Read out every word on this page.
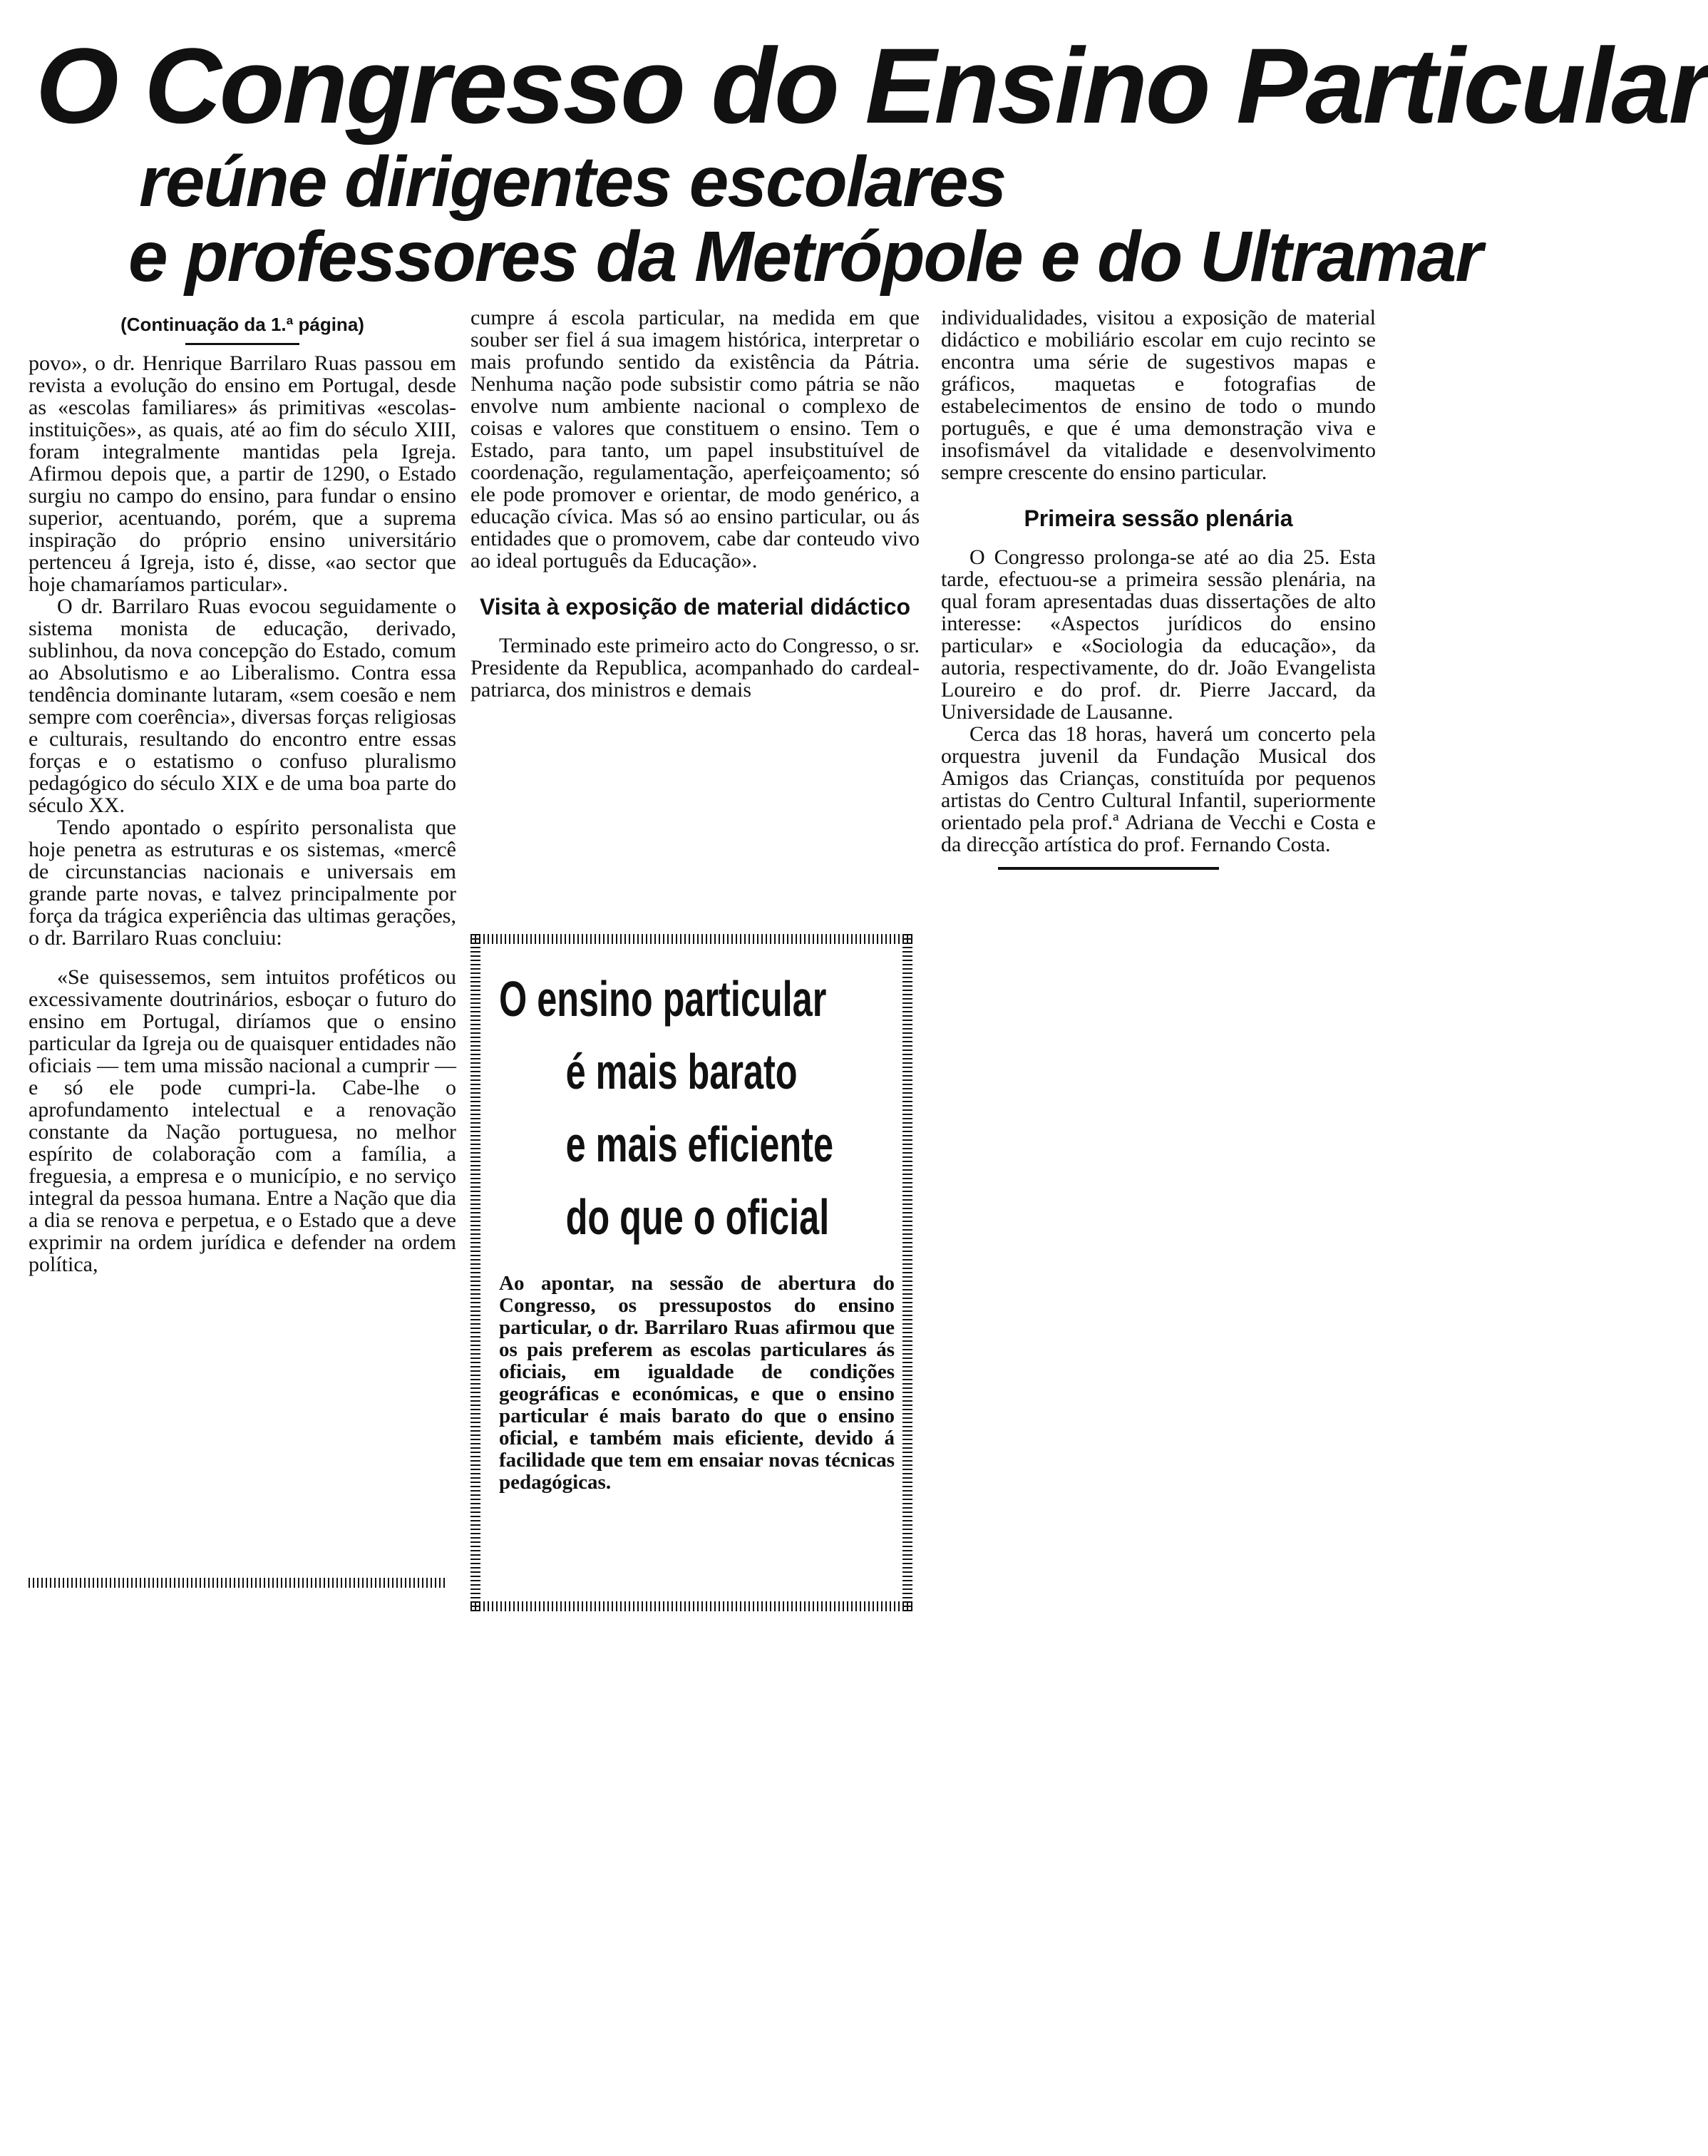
O Congresso do Ensino Particular
reúne dirigentes escolares
e professores da Metrópole e do Ultramar

(Continuação da 1.ª página)

povo», o dr. Henrique Barrilaro Ruas passou em revista a evolução do ensino em Portugal, desde as «escolas familiares» ás primitivas «escolas-instituições», as quais, até ao fim do século XIII, foram integralmente mantidas pela Igreja. Afirmou depois que, a partir de 1290, o Estado surgiu no campo do ensino, para fundar o ensino superior, acentuando, porém, que a suprema inspiração do próprio ensino universitário pertenceu á Igreja, isto é, disse, «ao sector que hoje chamaríamos particular».

O dr. Barrilaro Ruas evocou seguidamente o sistema monista de educação, derivado, sublinhou, da nova concepção do Estado, comum ao Absolutismo e ao Liberalismo. Contra essa tendência dominante lutaram, «sem coesão e nem sempre com coerência», diversas forças religiosas e culturais, resultando do encontro entre essas forças e o estatismo o confuso pluralismo pedagógico do século XIX e de uma boa parte do século XX.

Tendo apontado o espírito personalista que hoje penetra as estruturas e os sistemas, «mercê de circunstancias nacionais e universais em grande parte novas, e talvez principalmente por força da trágica experiência das ultimas gerações, o dr. Barrilaro Ruas concluiu:

«Se quisessemos, sem intuitos proféticos ou excessivamente doutrinários, esboçar o futuro do ensino em Portugal, diríamos que o ensino particular da Igreja ou de quaisquer entidades não oficiais — tem uma missão nacional a cumprir — e só ele pode cumpri-la. Cabe-lhe o aprofundamento intelectual e a renovação constante da Nação portuguesa, no melhor espírito de colaboração com a família, a freguesia, a empresa e o município, e no serviço integral da pessoa humana. Entre a Nação que dia a dia se renova e perpetua, e o Estado que a deve exprimir na ordem jurídica e defender na ordem política,

cumpre á escola particular, na medida em que souber ser fiel á sua imagem histórica, interpretar o mais profundo sentido da existência da Pátria. Nenhuma nação pode subsistir como pátria se não envolve num ambiente nacional o complexo de coisas e valores que constituem o ensino. Tem o Estado, para tanto, um papel insubstituível de coordenação, regulamentação, aperfeiçoamento; só ele pode promover e orientar, de modo genérico, a educação cívica. Mas só ao ensino particular, ou ás entidades que o promovem, cabe dar conteudo vivo ao ideal português da Educação».

Visita à exposição de material didáctico

Terminado este primeiro acto do Congresso, o sr. Presidente da Republica, acompanhado do cardeal-patriarca, dos ministros e demais

O ensino particular
é mais barato
e mais eficiente
do que o oficial
Ao apontar, na sessão de abertura do Congresso, os pressupostos do ensino particular, o dr. Barrilaro Ruas afirmou que os pais preferem as escolas particulares ás oficiais, em igualdade de condições geográficas e económicas, e que o ensino particular é mais barato do que o ensino oficial, e também mais eficiente, devido á facilidade que tem em ensaiar novas técnicas pedagógicas.

individualidades, visitou a exposição de material didáctico e mobiliário escolar em cujo recinto se encontra uma série de sugestivos mapas e gráficos, maquetas e fotografias de estabelecimentos de ensino de todo o mundo português, e que é uma demonstração viva e insofismável da vitalidade e desenvolvimento sempre crescente do ensino particular.

Primeira sessão plenária

O Congresso prolonga-se até ao dia 25. Esta tarde, efectuou-se a primeira sessão plenária, na qual foram apresentadas duas dissertações de alto interesse: «Aspectos jurídicos do ensino particular» e «Sociologia da educação», da autoria, respectivamente, do dr. João Evangelista Loureiro e do prof. dr. Pierre Jaccard, da Universidade de Lausanne.

Cerca das 18 horas, haverá um concerto pela orquestra juvenil da Fundação Musical dos Amigos das Crianças, constituída por pequenos artistas do Centro Cultural Infantil, superiormente orientado pela prof.ª Adriana de Vecchi e Costa e da direcção artística do prof. Fernando Costa.
